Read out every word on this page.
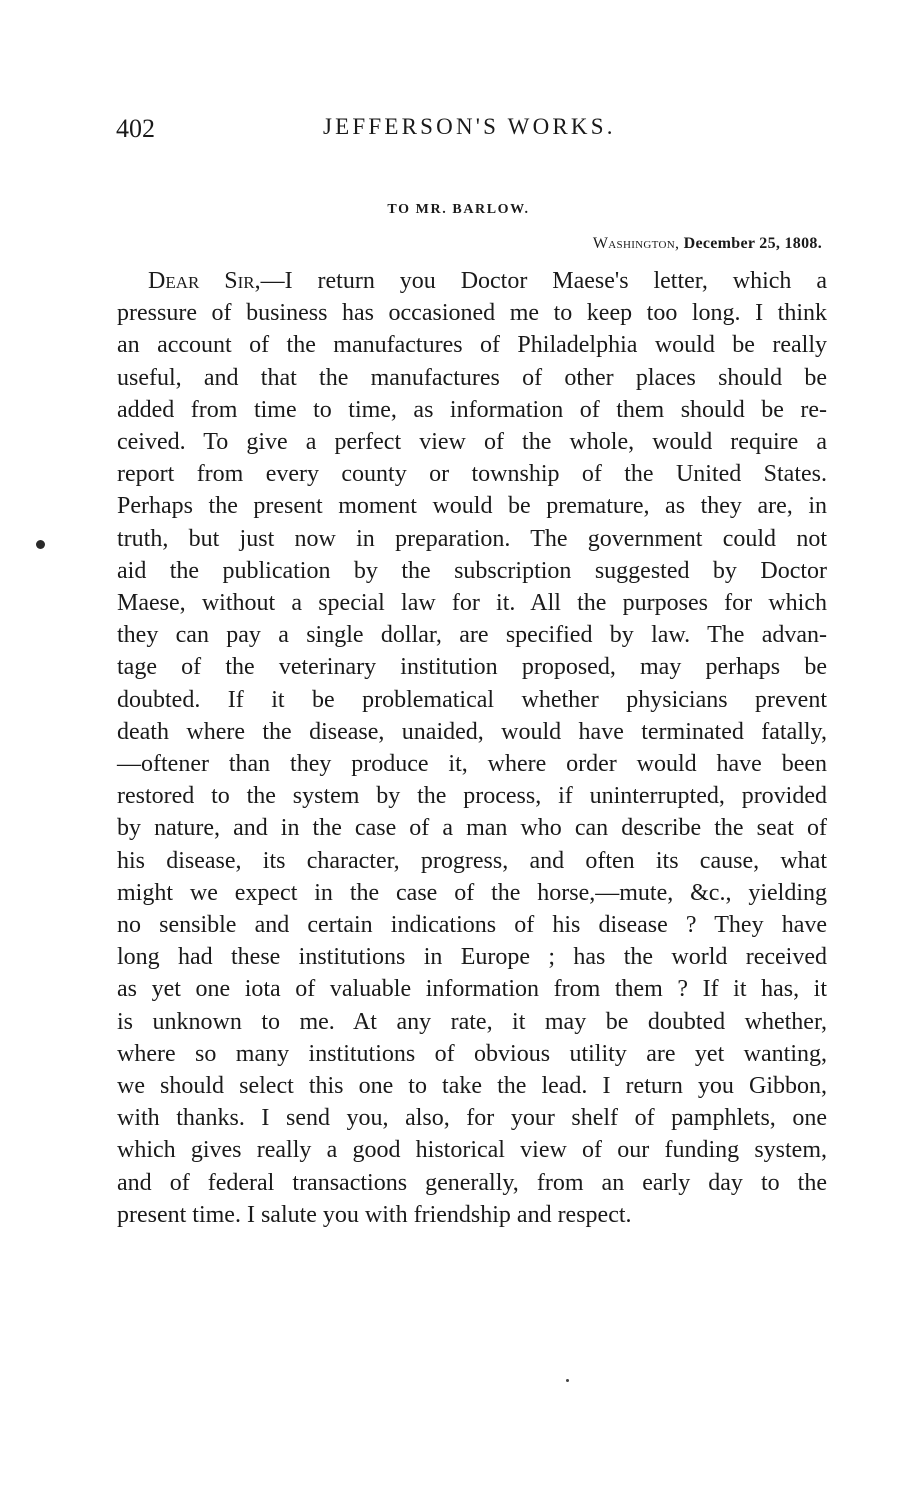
402	JEFFERSON'S WORKS.
TO MR. BARLOW.
Washington, December 25, 1808.
Dear Sir,—I return you Doctor Maese's letter, which a
pressure of business has occasioned me to keep too long. I think
an account of the manufactures of Philadelphia would be really
useful, and that the manufactures of other places should be
added from time to time, as information of them should be re-
ceived. To give a perfect view of the whole, would require a
report from every county or township of the United States.
Perhaps the present moment would be premature, as they are, in
truth, but just now in preparation. The government could not
aid the publication by the subscription suggested by Doctor
Maese, without a special law for it. All the purposes for which
they can pay a single dollar, are specified by law. The advan-
tage of the veterinary institution proposed, may perhaps be
doubted. If it be problematical whether physicians prevent
death where the disease, unaided, would have terminated fatally,
—oftener than they produce it, where order would have been
restored to the system by the process, if uninterrupted, provided
by nature, and in the case of a man who can describe the seat of
his disease, its character, progress, and often its cause, what
might we expect in the case of the horse,—mute, &c., yielding
no sensible and certain indications of his disease ? They have
long had these institutions in Europe ; has the world received
as yet one iota of valuable information from them ? If it has, it
is unknown to me. At any rate, it may be doubted whether,
where so many institutions of obvious utility are yet wanting,
we should select this one to take the lead. I return you Gibbon,
with thanks. I send you, also, for your shelf of pamphlets, one
which gives really a good historical view of our funding system,
and of federal transactions generally, from an early day to the
present time. I salute you with friendship and respect.
